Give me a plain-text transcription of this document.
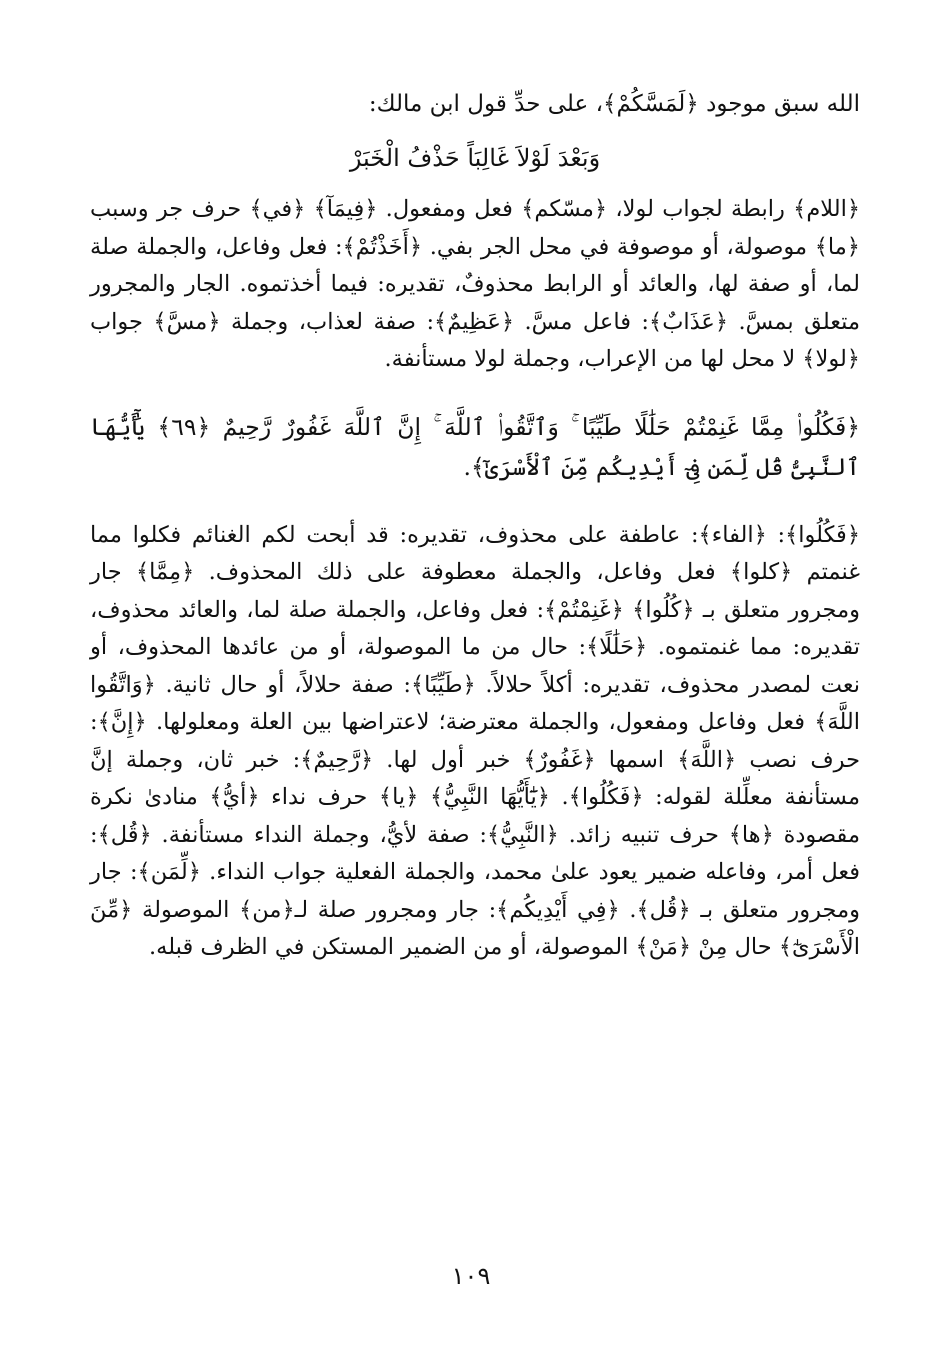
الله سبق موجود ﴿لَمَسَّكُمْ﴾، على حدِّ قول ابن مالك:

وَبَعْدَ لَوْلاَ غَالِبَاً حَذْفُ الْخَبَرْ

﴿اللام﴾ رابطة لجواب لولا، ﴿مسّكم﴾ فعل ومفعول. ﴿فِيمَآ﴾ ﴿في﴾ حرف جر وسبب ﴿ما﴾ موصولة، أو موصوفة في محل الجر بفي. ﴿أَخَذْتُمْ﴾: فعل وفاعل، والجملة صلة لما، أو صفة لها، والعائد أو الرابط محذوفٌ، تقديره: فيما أخذتموه. الجار والمجرور متعلق بمسَّ. ﴿عَذَابٌ﴾: فاعل مسَّ. ﴿عَظِيمٌ﴾: صفة لعذاب، وجملة ﴿مسَّ﴾ جواب ﴿لولا﴾ لا محل لها من الإعراب، وجملة لولا مستأنفة.

﴿فَكُلُوا۟ مِمَّا غَنِمْتُمْ حَلَٰلًا طَيِّبًا ۚ وَٱتَّقُوا۟ ٱللَّهَ ۚ إِنَّ ٱللَّهَ غَفُورٌ رَّحِيمٌ ﴿٦٩﴾ يَٰٓأَيُّهَا ٱلنَّبِىُّ قُل لِّمَن فِىٓ أَيْدِيكُم مِّنَ ٱلْأَسْرَىٰٓ﴾.

﴿فَكُلُوا﴾: ﴿الفاء﴾: عاطفة على محذوف، تقديره: قد أبحت لكم الغنائم فكلوا مما غنمتم ﴿كلوا﴾ فعل وفاعل، والجملة معطوفة على ذلك المحذوف. ﴿مِمَّا﴾ جار ومجرور متعلق بـ ﴿كُلُوا﴾ ﴿غَنِمْتُمْ﴾: فعل وفاعل، والجملة صلة لما، والعائد محذوف، تقديره: مما غنمتموه. ﴿حَلَٰلًا﴾: حال من ما الموصولة، أو من عائدها المحذوف، أو نعت لمصدر محذوف، تقديره: أكلاً حلالاً. ﴿طَيِّبًا﴾: صفة حلالاً، أو حال ثانية. ﴿وَاتَّقُوا اللَّهَ﴾ فعل وفاعل ومفعول، والجملة معترضة؛ لاعتراضها بين العلة ومعلولها. ﴿إِنَّ﴾: حرف نصب ﴿اللَّهَ﴾ اسمها ﴿غَفُورٌ﴾ خبر أول لها. ﴿رَّحِيمٌ﴾: خبر ثان، وجملة إنَّ مستأنفة معلِّلة لقوله: ﴿فَكُلُوا﴾. ﴿يَٰٓأَيُّهَا النَّبِيُّ﴾ ﴿يا﴾ حرف نداء ﴿أيُّ﴾ منادىٰ نكرة مقصودة ﴿ها﴾ حرف تنبيه زائد. ﴿النَّبِيُّ﴾: صفة لأيُّ، وجملة النداء مستأنفة. ﴿قُل﴾: فعل أمر، وفاعله ضمير يعود علىٰ محمد، والجملة الفعلية جواب النداء. ﴿لِّمَن﴾: جار ومجرور متعلق بـ ﴿قُل﴾. ﴿فِي أَيْدِيكُم﴾: جار ومجرور صلة لـ﴿من﴾ الموصولة ﴿مِّنَ الْأَسْرَىٰٓ﴾ حال مِنْ ﴿مَنْ﴾ الموصولة، أو من الضمير المستكن في الظرف قبله.

١٠٩
